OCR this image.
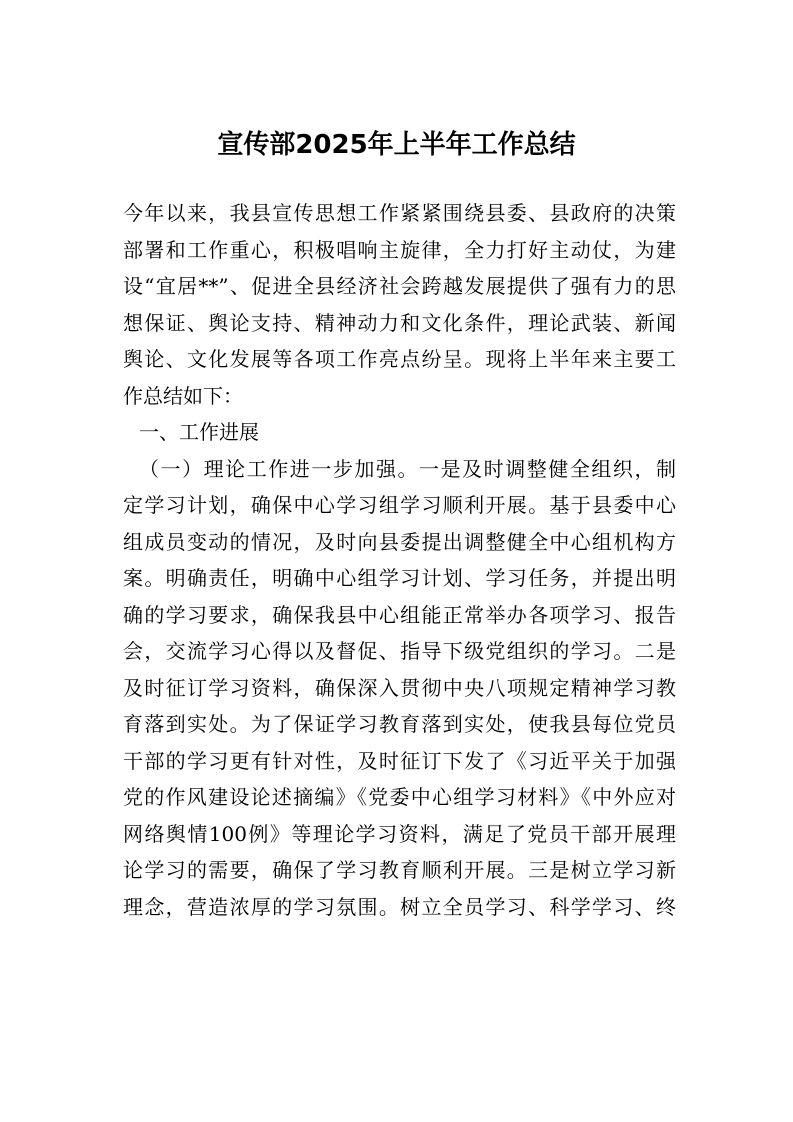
宣传部2025年上半年工作总结
今年以来，我县宣传思想工作紧紧围绕县委、县政府的决策
部署和工作重心，积极唱响主旋律，全力打好主动仗，为建
设“宜居**”、促进全县经济社会跨越发展提供了强有力的思
想保证、舆论支持、精神动力和文化条件，理论武装、新闻
舆论、文化发展等各项工作亮点纷呈。现将上半年来主要工
作总结如下：
一、工作进展
（一）理论工作进一步加强。一是及时调整健全组织，制
定学习计划，确保中心学习组学习顺利开展。基于县委中心
组成员变动的情况，及时向县委提出调整健全中心组机构方
案。明确责任，明确中心组学习计划、学习任务，并提出明
确的学习要求，确保我县中心组能正常举办各项学习、报告
会，交流学习心得以及督促、指导下级党组织的学习。二是
及时征订学习资料，确保深入贯彻中央八项规定精神学习教
育落到实处。为了保证学习教育落到实处，使我县每位党员
干部的学习更有针对性，及时征订下发了《习近平关于加强
党的作风建设论述摘编》《党委中心组学习材料》《中外应对
网络舆情100例》等理论学习资料，满足了党员干部开展理
论学习的需要，确保了学习教育顺利开展。三是树立学习新
理念，营造浓厚的学习氛围。树立全员学习、科学学习、终
